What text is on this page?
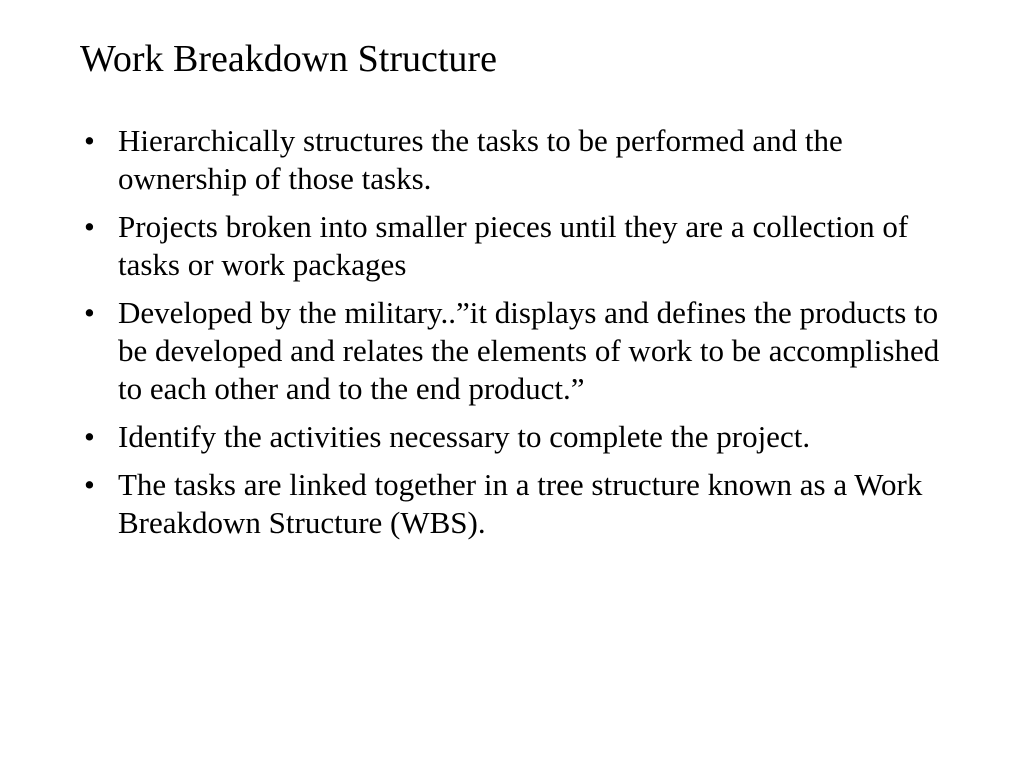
Work Breakdown Structure
• Hierarchically structures the tasks to be performed and the ownership of those tasks.
• Projects broken into smaller pieces until they are a collection of tasks or work packages
• Developed by the military..”it displays and defines the products to be developed and relates the elements of work to be accomplished to each other and to the end product.”
• Identify the activities necessary to complete the project.
• The tasks are linked together in a tree structure known as a Work Breakdown Structure (WBS).
